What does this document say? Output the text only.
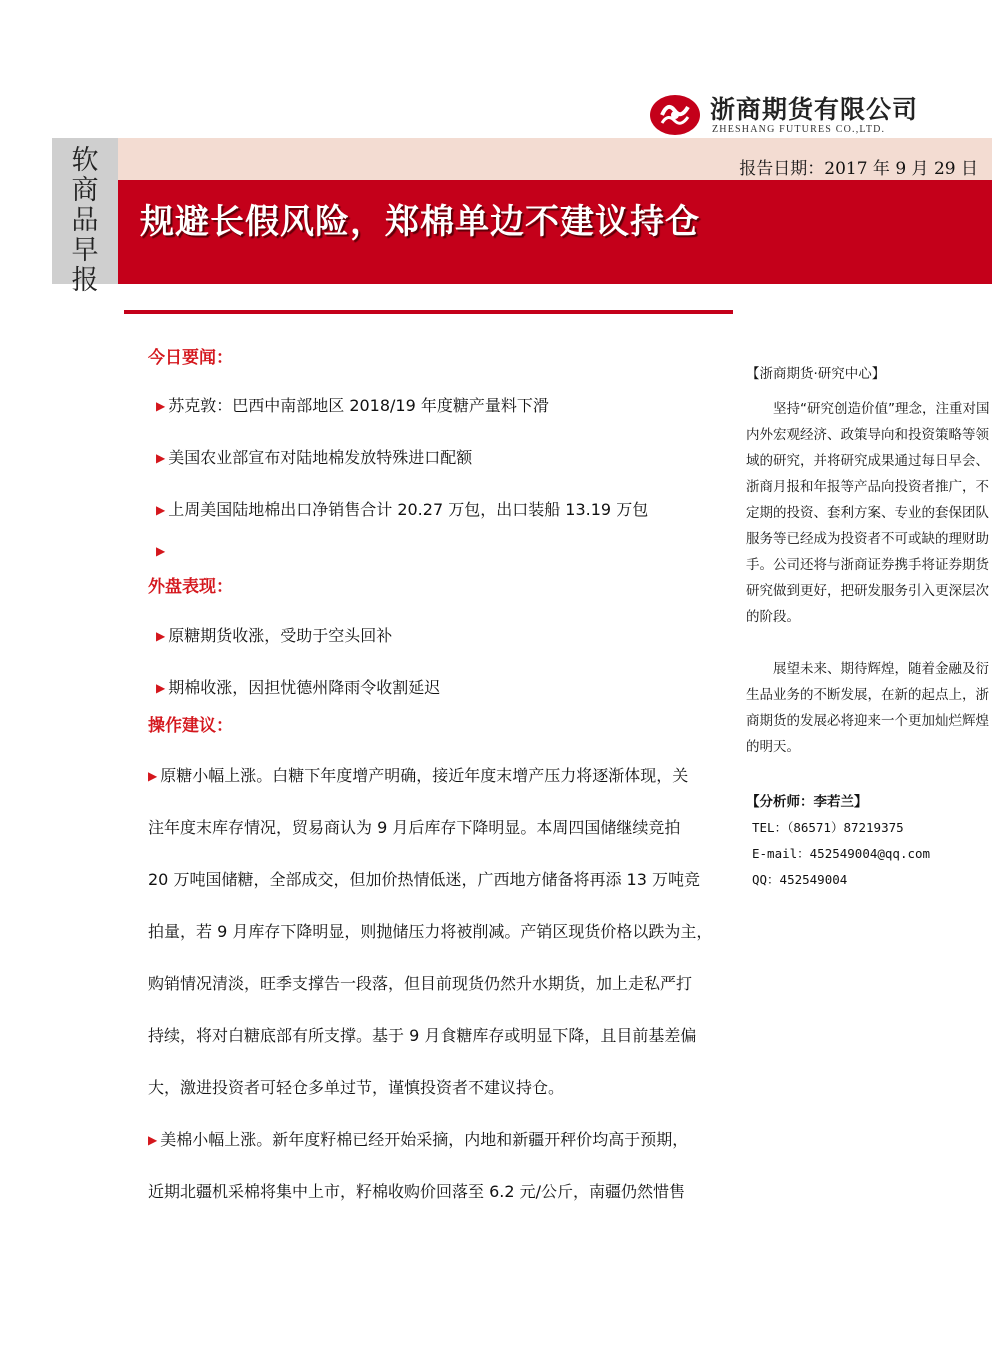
浙商期货有限公司
ZHESHANG FUTURES CO.,LTD.
软
商
品
早
报
报告日期：2017 年 9 月 29 日
规避长假风险，郑棉单边不建议持仓
今日要闻：
▶ 苏克敦：巴西中南部地区 2018/19 年度糖产量料下滑
▶ 美国农业部宣布对陆地棉发放特殊进口配额
▶ 上周美国陆地棉出口净销售合计 20.27 万包，出口装船 13.19 万包
▶
外盘表现：
▶ 原糖期货收涨，受助于空头回补
▶ 期棉收涨，因担忧德州降雨令收割延迟
操作建议：
▶ 原糖小幅上涨。白糖下年度增产明确，接近年度末增产压力将逐渐体现，关
注年度末库存情况，贸易商认为 9 月后库存下降明显。本周四国储继续竞拍
20 万吨国储糖，全部成交，但加价热情低迷，广西地方储备将再添 13 万吨竞
拍量，若 9 月库存下降明显，则抛储压力将被削减。产销区现货价格以跌为主，
购销情况清淡，旺季支撑告一段落，但目前现货仍然升水期货，加上走私严打
持续，将对白糖底部有所支撑。基于 9 月食糖库存或明显下降，且目前基差偏
大，激进投资者可轻仓多单过节，谨慎投资者不建议持仓。
▶ 美棉小幅上涨。新年度籽棉已经开始采摘，内地和新疆开秤价均高于预期，
近期北疆机采棉将集中上市，籽棉收购价回落至 6.2 元/公斤，南疆仍然惜售
【浙商期货·研究中心】
坚持“研究创造价值”理念，注重对国内外宏观经济、政策导向和投资策略等领域的研究，并将研究成果通过每日早会、浙商月报和年报等产品向投资者推广，不定期的投资、套利方案、专业的套保团队服务等已经成为投资者不可或缺的理财助手。公司还将与浙商证券携手将证券期货研究做到更好，把研发服务引入更深层次的阶段。
展望未来、期待辉煌，随着金融及衍生品业务的不断发展，在新的起点上，浙商期货的发展必将迎来一个更加灿烂辉煌的明天。
【分析师：李若兰】
TEL：（86571）87219375
E-mail：452549004@qq.com
QQ：452549004
